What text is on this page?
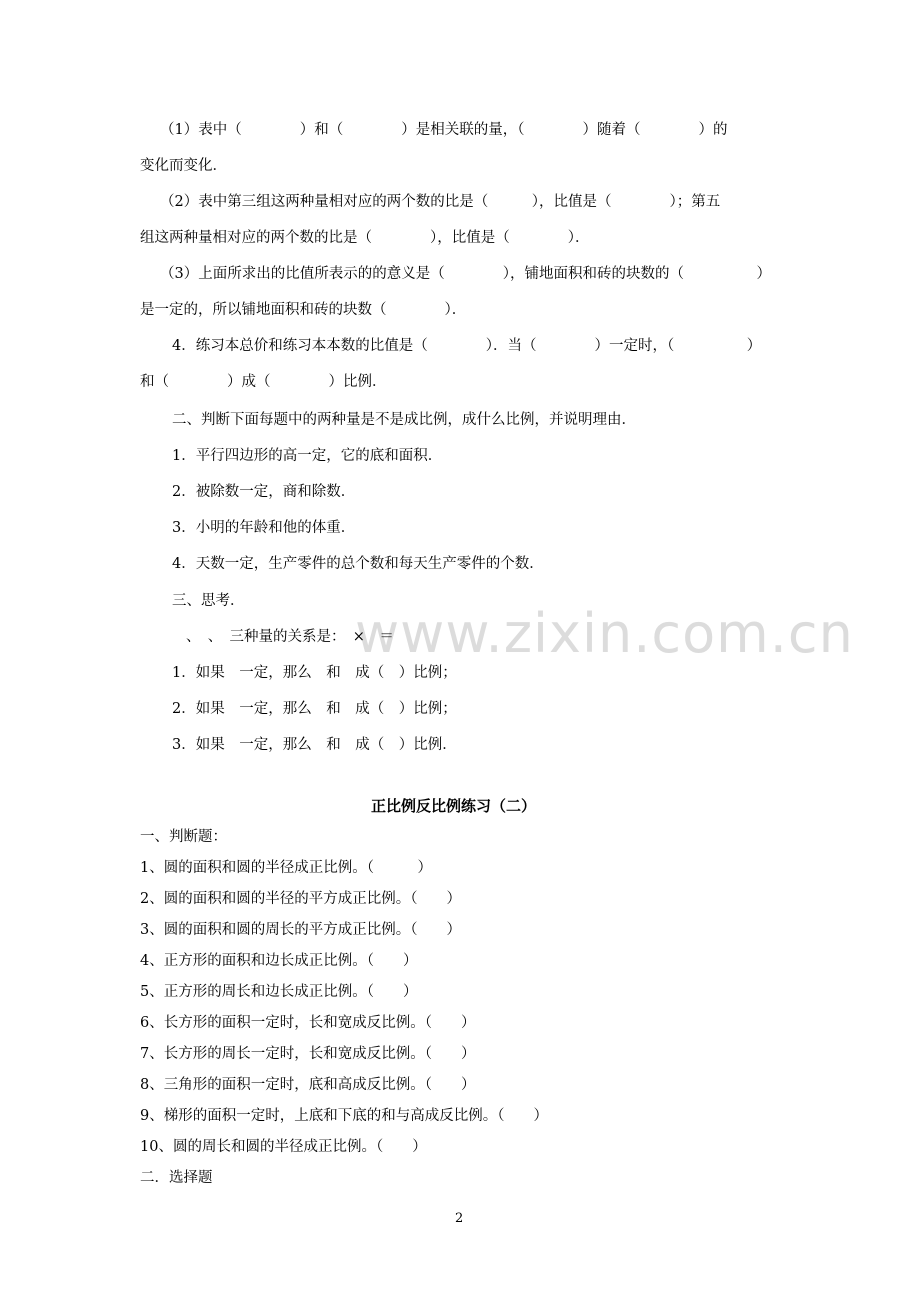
（1）表中（　　　　）和（　　　　）是相关联的量，（　　　　）随着（　　　　）的
变化而变化．
（2）表中第三组这两种量相对应的两个数的比是（　　　），比值是（　　　　）；第五
组这两种量相对应的两个数的比是（　　　　），比值是（　　　　）．
（3）上面所求出的比值所表示的的意义是（　　　　），铺地面积和砖的块数的（　　　　　）
是一定的，所以铺地面积和砖的块数（　　　　）．
4．练习本总价和练习本本数的比值是（　　　　）．当（　　　　）一定时，（　　　　　）
和（　　　　）成（　　　　）比例．
二、判断下面每题中的两种量是不是成比例，成什么比例，并说明理由．
1．平行四边形的高一定，它的底和面积．
2．被除数一定，商和除数．
3．小明的年龄和他的体重．
4．天数一定，生产零件的总个数和每天生产零件的个数．
三、思考．
www.zixin.com.cn
、　、　三种量的关系是：　×　＝
1．如果　一定，那么　和　成（　）比例；
2．如果　一定，那么　和　成（　）比例；
3．如果　一定，那么　和　成（　）比例．
正比例反比例练习（二）
一、判断题：
1、圆的面积和圆的半径成正比例。（　　　）
2、圆的面积和圆的半径的平方成正比例。（　　）
3、圆的面积和圆的周长的平方成正比例。（　　）
4、正方形的面积和边长成正比例。（　　）
5、正方形的周长和边长成正比例。（　　）
6、长方形的面积一定时，长和宽成反比例。（　　）
7、长方形的周长一定时，长和宽成反比例。（　　）
8、三角形的面积一定时，底和高成反比例。（　　）
9、梯形的面积一定时，上底和下底的和与高成反比例。（　　）
10、圆的周长和圆的半径成正比例。（　　）
二．选择题
2
